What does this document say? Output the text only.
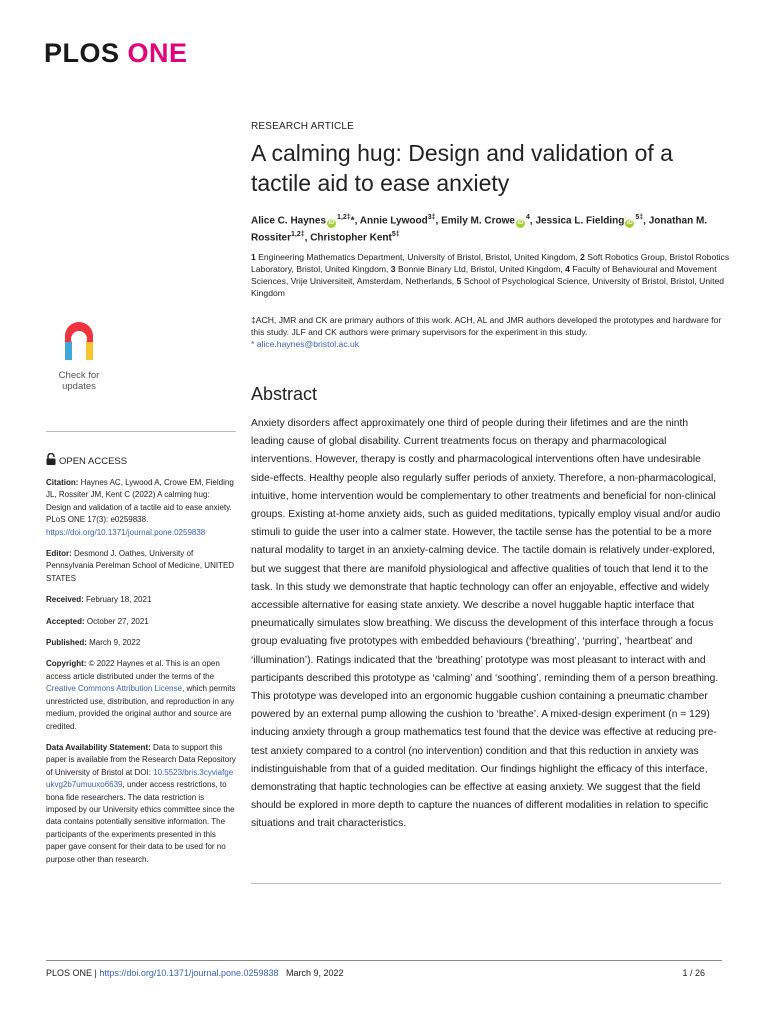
PLOS ONE
RESEARCH ARTICLE
A calming hug: Design and validation of a tactile aid to ease anxiety
Alice C. Haynes $iD^{1,2\ddagger}*$, Annie Lywood$^{3\ddagger}$, Emily M. Crowe $iD^4$, Jessica L. Fielding $iD^{5\ddagger}$, Jonathan M. Rossiter$^{1,2\ddagger}$, Christopher Kent$^{5\ddagger}$
1 Engineering Mathematics Department, University of Bristol, Bristol, United Kingdom, 2 Soft Robotics Group, Bristol Robotics Laboratory, Bristol, United Kingdom, 3 Bonnie Binary Ltd, Bristol, United Kingdom, 4 Faculty of Behavioural and Movement Sciences, Vrije Universiteit, Amsterdam, Netherlands, 5 School of Psychological Science, University of Bristol, Bristol, United Kingdom
‡ACH, JMR and CK are primary authors of this work. ACH, AL and JMR authors developed the prototypes and hardware for this study. JLF and CK authors were primary supervisors for the experiment in this study.
* alice.haynes@bristol.ac.uk
Abstract
Anxiety disorders affect approximately one third of people during their lifetimes and are the ninth leading cause of global disability. Current treatments focus on therapy and pharmacological interventions. However, therapy is costly and pharmacological interventions often have undesirable side-effects. Healthy people also regularly suffer periods of anxiety. Therefore, a non-pharmacological, intuitive, home intervention would be complementary to other treatments and beneficial for non-clinical groups. Existing at-home anxiety aids, such as guided meditations, typically employ visual and/or audio stimuli to guide the user into a calmer state. However, the tactile sense has the potential to be a more natural modality to target in an anxiety-calming device. The tactile domain is relatively under-explored, but we suggest that there are manifold physiological and affective qualities of touch that lend it to the task. In this study we demonstrate that haptic technology can offer an enjoyable, effective and widely accessible alternative for easing state anxiety. We describe a novel huggable haptic interface that pneumatically simulates slow breathing. We discuss the development of this interface through a focus group evaluating five prototypes with embedded behaviours (‘breathing’, ‘purring’, ‘heartbeat’ and ‘illumination’). Ratings indicated that the ‘breathing’ prototype was most pleasant to interact with and participants described this prototype as ‘calming’ and ‘soothing’, reminding them of a person breathing. This prototype was developed into an ergonomic huggable cushion containing a pneumatic chamber powered by an external pump allowing the cushion to ‘breathe’. A mixed-design experiment (n = 129) inducing anxiety through a group mathematics test found that the device was effective at reducing pre-test anxiety compared to a control (no intervention) condition and that this reduction in anxiety was indistinguishable from that of a guided meditation. Our findings highlight the efficacy of this interface, demonstrating that haptic technologies can be effective at easing anxiety. We suggest that the field should be explored in more depth to capture the nuances of different modalities in relation to specific situations and trait characteristics.
Check for updates
OPEN ACCESS

Citation: Haynes AC, Lywood A, Crowe EM, Fielding JL, Rossiter JM, Kent C (2022) A calming hug: Design and validation of a tactile aid to ease anxiety. PLoS ONE 17(3): e0259838. https://doi.org/10.1371/journal.pone.0259838

Editor: Desmond J. Oathes, University of Pennsylvania Perelman School of Medicine, UNITED STATES

Received: February 18, 2021

Accepted: October 27, 2021

Published: March 9, 2022

Copyright: © 2022 Haynes et al. This is an open access article distributed under the terms of the Creative Commons Attribution License, which permits unrestricted use, distribution, and reproduction in any medium, provided the original author and source are credited.

Data Availability Statement: Data to support this paper is available from the Research Data Repository of University of Bristol at DOI: 10.5523/bris.3cyviafgeukvg2b7umuuxo6639, under access restrictions, to bona fide researchers. The data restriction is imposed by our University ethics committee since the data contains potentially sensitive information. The participants of the experiments presented in this paper gave consent for their data to be used for no purpose other than research.

PLOS ONE | https://doi.org/10.1371/journal.pone.0259838 March 9, 2022	1 / 26
